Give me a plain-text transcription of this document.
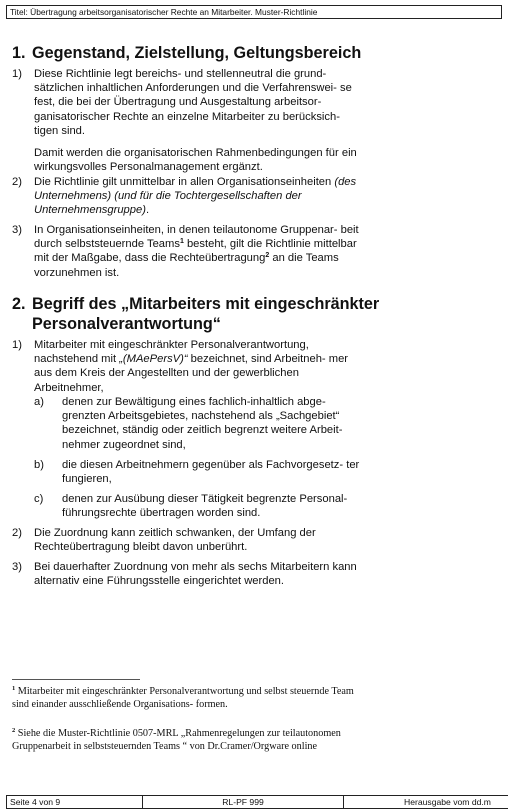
Titel: Übertragung arbeitsorganisatorischer Rechte an Mitarbeiter. Muster-Richtlinie
1. Gegenstand, Zielstellung, Geltungsbereich
1)	Diese Richtlinie legt bereichs- und stellenneutral die grund- sätzlichen inhaltlichen Anforderungen und die Verfahrenswei- se fest, die bei der Übertragung und Ausgestaltung arbeitsor- ganisatorischer Rechte an einzelne Mitarbeiter zu berücksich- tigen sind.

Damit werden die organisatorischen Rahmenbedingungen für ein wirkungsvolles Personalmanagement ergänzt.

2)	Die Richtlinie gilt unmittelbar in allen Organisationseinheiten (des Unternehmens) (und für die Tochtergesellschaften der Unternehmensgruppe).
3)	In Organisationseinheiten, in denen teilautonome Gruppenar- beit durch selbststeuernde Teams$^1$ besteht, gilt die Richtlinie mittelbar mit der Maßgabe, dass die Rechteübertragung$^2$ an die Teams vorzunehmen ist.
2. Begriff des „Mitarbeiters mit eingeschränkter
Personalverantwortung“
1)	Mitarbeiter mit eingeschränkter Personalverantwortung, nachstehend mit „(MAePersV)“ bezeichnet, sind Arbeitneh- mer aus dem Kreis der Angestellten und der gewerblichen Arbeitnehmer,
a)	denen zur Bewältigung eines fachlich-inhaltlich abge- grenzten Arbeitsgebietes, nachstehend als „Sachgebiet“ bezeichnet, ständig oder zeitlich begrenzt weitere Arbeit- nehmer zugeordnet sind,
b)	die diesen Arbeitnehmern gegenüber als Fachvorgesetz- ter fungieren,
c)	denen zur Ausübung dieser Tätigkeit begrenzte Personal- führungsrechte übertragen worden sind.
2)	Die Zuordnung kann zeitlich schwanken, der Umfang der Rechteübertragung bleibt davon unberührt.
3)	Bei dauerhafter Zuordnung von mehr als sechs Mitarbeitern kann alternativ eine Führungsstelle eingerichtet werden.
$^1$ Mitarbeiter mit eingeschränkter Personalverantwortung und selbst steuernde Team sind einander ausschließende Organisations- formen.
$^2$ Siehe die Muster-Richtlinie 0507-MRL „Rahmenregelungen zur teilautonomen Gruppenarbeit in selbststeuernden Teams “ von Dr.Cramer/Orgware online
Seite 4 von 9	RL-PF 999	Herausgabe vom dd.m
